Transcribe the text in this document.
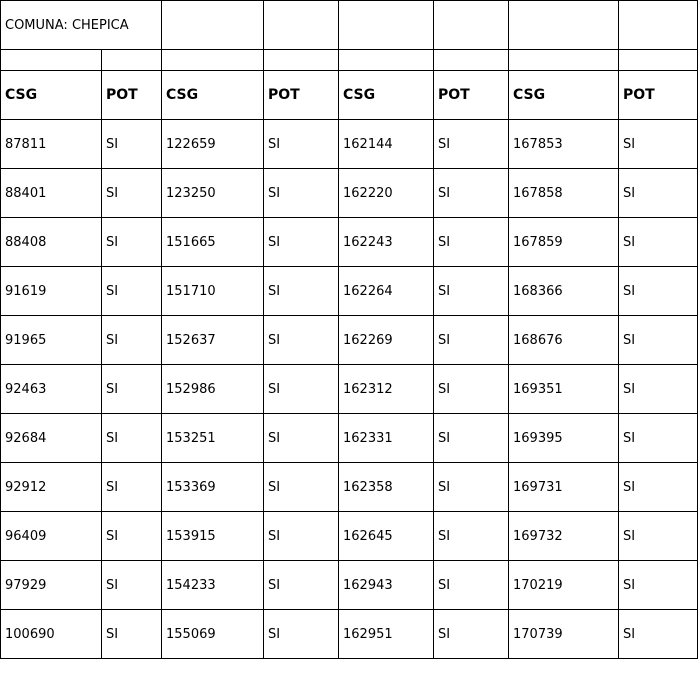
COMUNA: CHEPICA							

CSG	POT	CSG	POT	CSG	POT	CSG	POT
87811	SI	122659	SI	162144	SI	167853	SI
88401	SI	123250	SI	162220	SI	167858	SI
88408	SI	151665	SI	162243	SI	167859	SI
91619	SI	151710	SI	162264	SI	168366	SI
91965	SI	152637	SI	162269	SI	168676	SI
92463	SI	152986	SI	162312	SI	169351	SI
92684	SI	153251	SI	162331	SI	169395	SI
92912	SI	153369	SI	162358	SI	169731	SI
96409	SI	153915	SI	162645	SI	169732	SI
97929	SI	154233	SI	162943	SI	170219	SI
100690	SI	155069	SI	162951	SI	170739	SI
